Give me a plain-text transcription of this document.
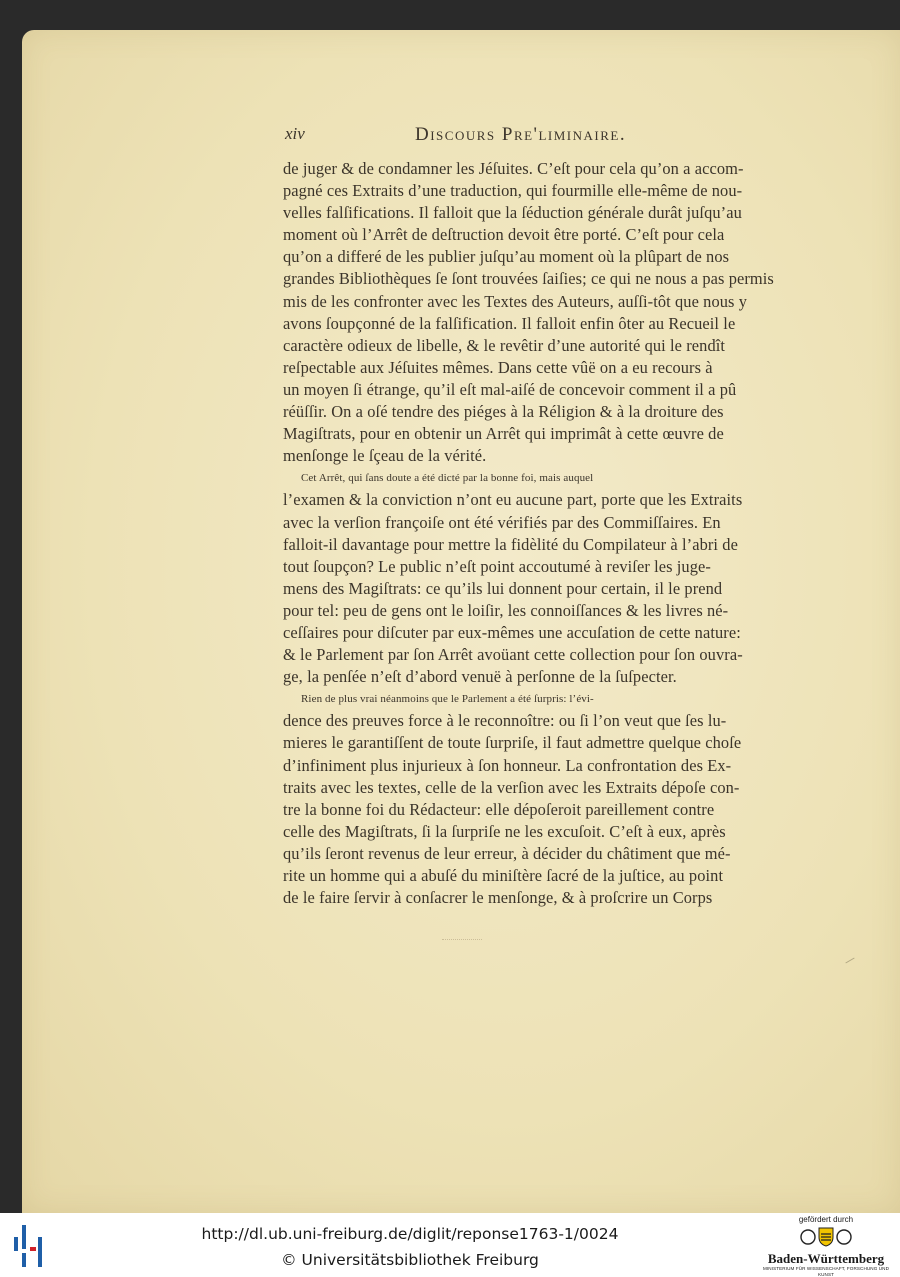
xiv	Discours Pre'liminaire.
de juger & de condamner les Jéſuites. C’eſt pour cela qu’on a accom-
pagné ces Extraits d’une traduction, qui fourmille elle-même de nou-
velles falſifications. Il falloit que la ſéduction générale durât juſqu’au
moment où l’Arrêt de deſtruction devoit être porté. C’eſt pour cela
qu’on a differé de les publier juſqu’au moment où la plûpart de nos
grandes Bibliothèques ſe ſont trouvées ſaiſies; ce qui ne nous a pas permis
mis de les confronter avec les Textes des Auteurs, auſſi-tôt que nous y
avons ſoupçonné de la falſification. Il falloit enfin ôter au Recueil le
caractère odieux de libelle, & le revêtir d’une autorité qui le rendît
reſpectable aux Jéſuites mêmes. Dans cette vûë on a eu recours à
un moyen ſi étrange, qu’il eſt mal-aiſé de concevoir comment il a pû
réüſſir. On a oſé tendre des piéges à la Réligion & à la droiture des
Magiſtrats, pour en obtenir un Arrêt qui imprimât à cette œuvre de
menſonge le ſçeau de la vérité.
Cet Arrêt, qui ſans doute a été dicté par la bonne foi, mais auquel
l’examen & la conviction n’ont eu aucune part, porte que les Extraits
avec la verſion françoiſe ont été vérifiés par des Commiſſaires. En
falloit-il davantage pour mettre la fidèlité du Compilateur à l’abri de
tout ſoupçon? Le public n’eſt point accoutumé à reviſer les juge-
mens des Magiſtrats: ce qu’ils lui donnent pour certain, il le prend
pour tel: peu de gens ont le loiſir, les connoiſſances & les livres né-
ceſſaires pour diſcuter par eux-mêmes une accuſation de cette nature:
& le Parlement par ſon Arrêt avoüant cette collection pour ſon ouvra-
ge, la penſée n’eſt d’abord venuë à perſonne de la ſuſpecter.
Rien de plus vrai néanmoins que le Parlement a été ſurpris: l’évi-
dence des preuves force à le reconnoître: ou ſi l’on veut que ſes lu-
mieres le garantiſſent de toute ſurpriſe, il faut admettre quelque choſe
d’infiniment plus injurieux à ſon honneur. La confrontation des Ex-
traits avec les textes, celle de la verſion avec les Extraits dépoſe con-
tre la bonne foi du Rédacteur: elle dépoſeroit pareillement contre
celle des Magiſtrats, ſi la ſurpriſe ne les excuſoit. C’eſt à eux, après
qu’ils ſeront revenus de leur erreur, à décider du châtiment que mé-
rite un homme qui a abuſé du miniſtère ſacré de la juſtice, au point
de le faire ſervir à conſacrer le menſonge, & à proſcrire un Corps
http://dl.ub.uni-freiburg.de/diglit/reponse1763-1/0024
© Universitätsbibliothek Freiburg
gefördert durch
Baden-Württemberg
MINISTERIUM FÜR WISSENSCHAFT, FORSCHUNG UND KUNST
